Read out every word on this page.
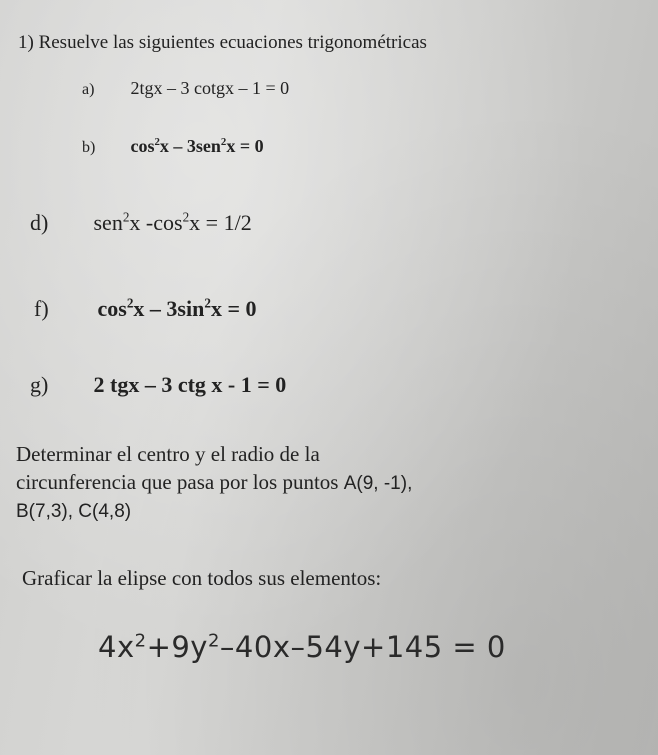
1) Resuelve las siguientes ecuaciones trigonométricas
a) 2tgx – 3 cotgx – 1 = 0
b) $\cos^2x - 3sen^2x = 0$
d) sen$^2$x $-\cos^2x = 1/2$
f) $\cos^2x - 3\sin^2x = 0$
g) 2 tgx – 3 ctg x - 1 = 0
Determinar el centro y el radio de la
circunferencia que pasa por los puntos A(9, -1),
B(7,3), C(4,8)
Graficar la elipse con todos sus elementos:
$4x^2+9y^2-40x-54y+145 = 0$
